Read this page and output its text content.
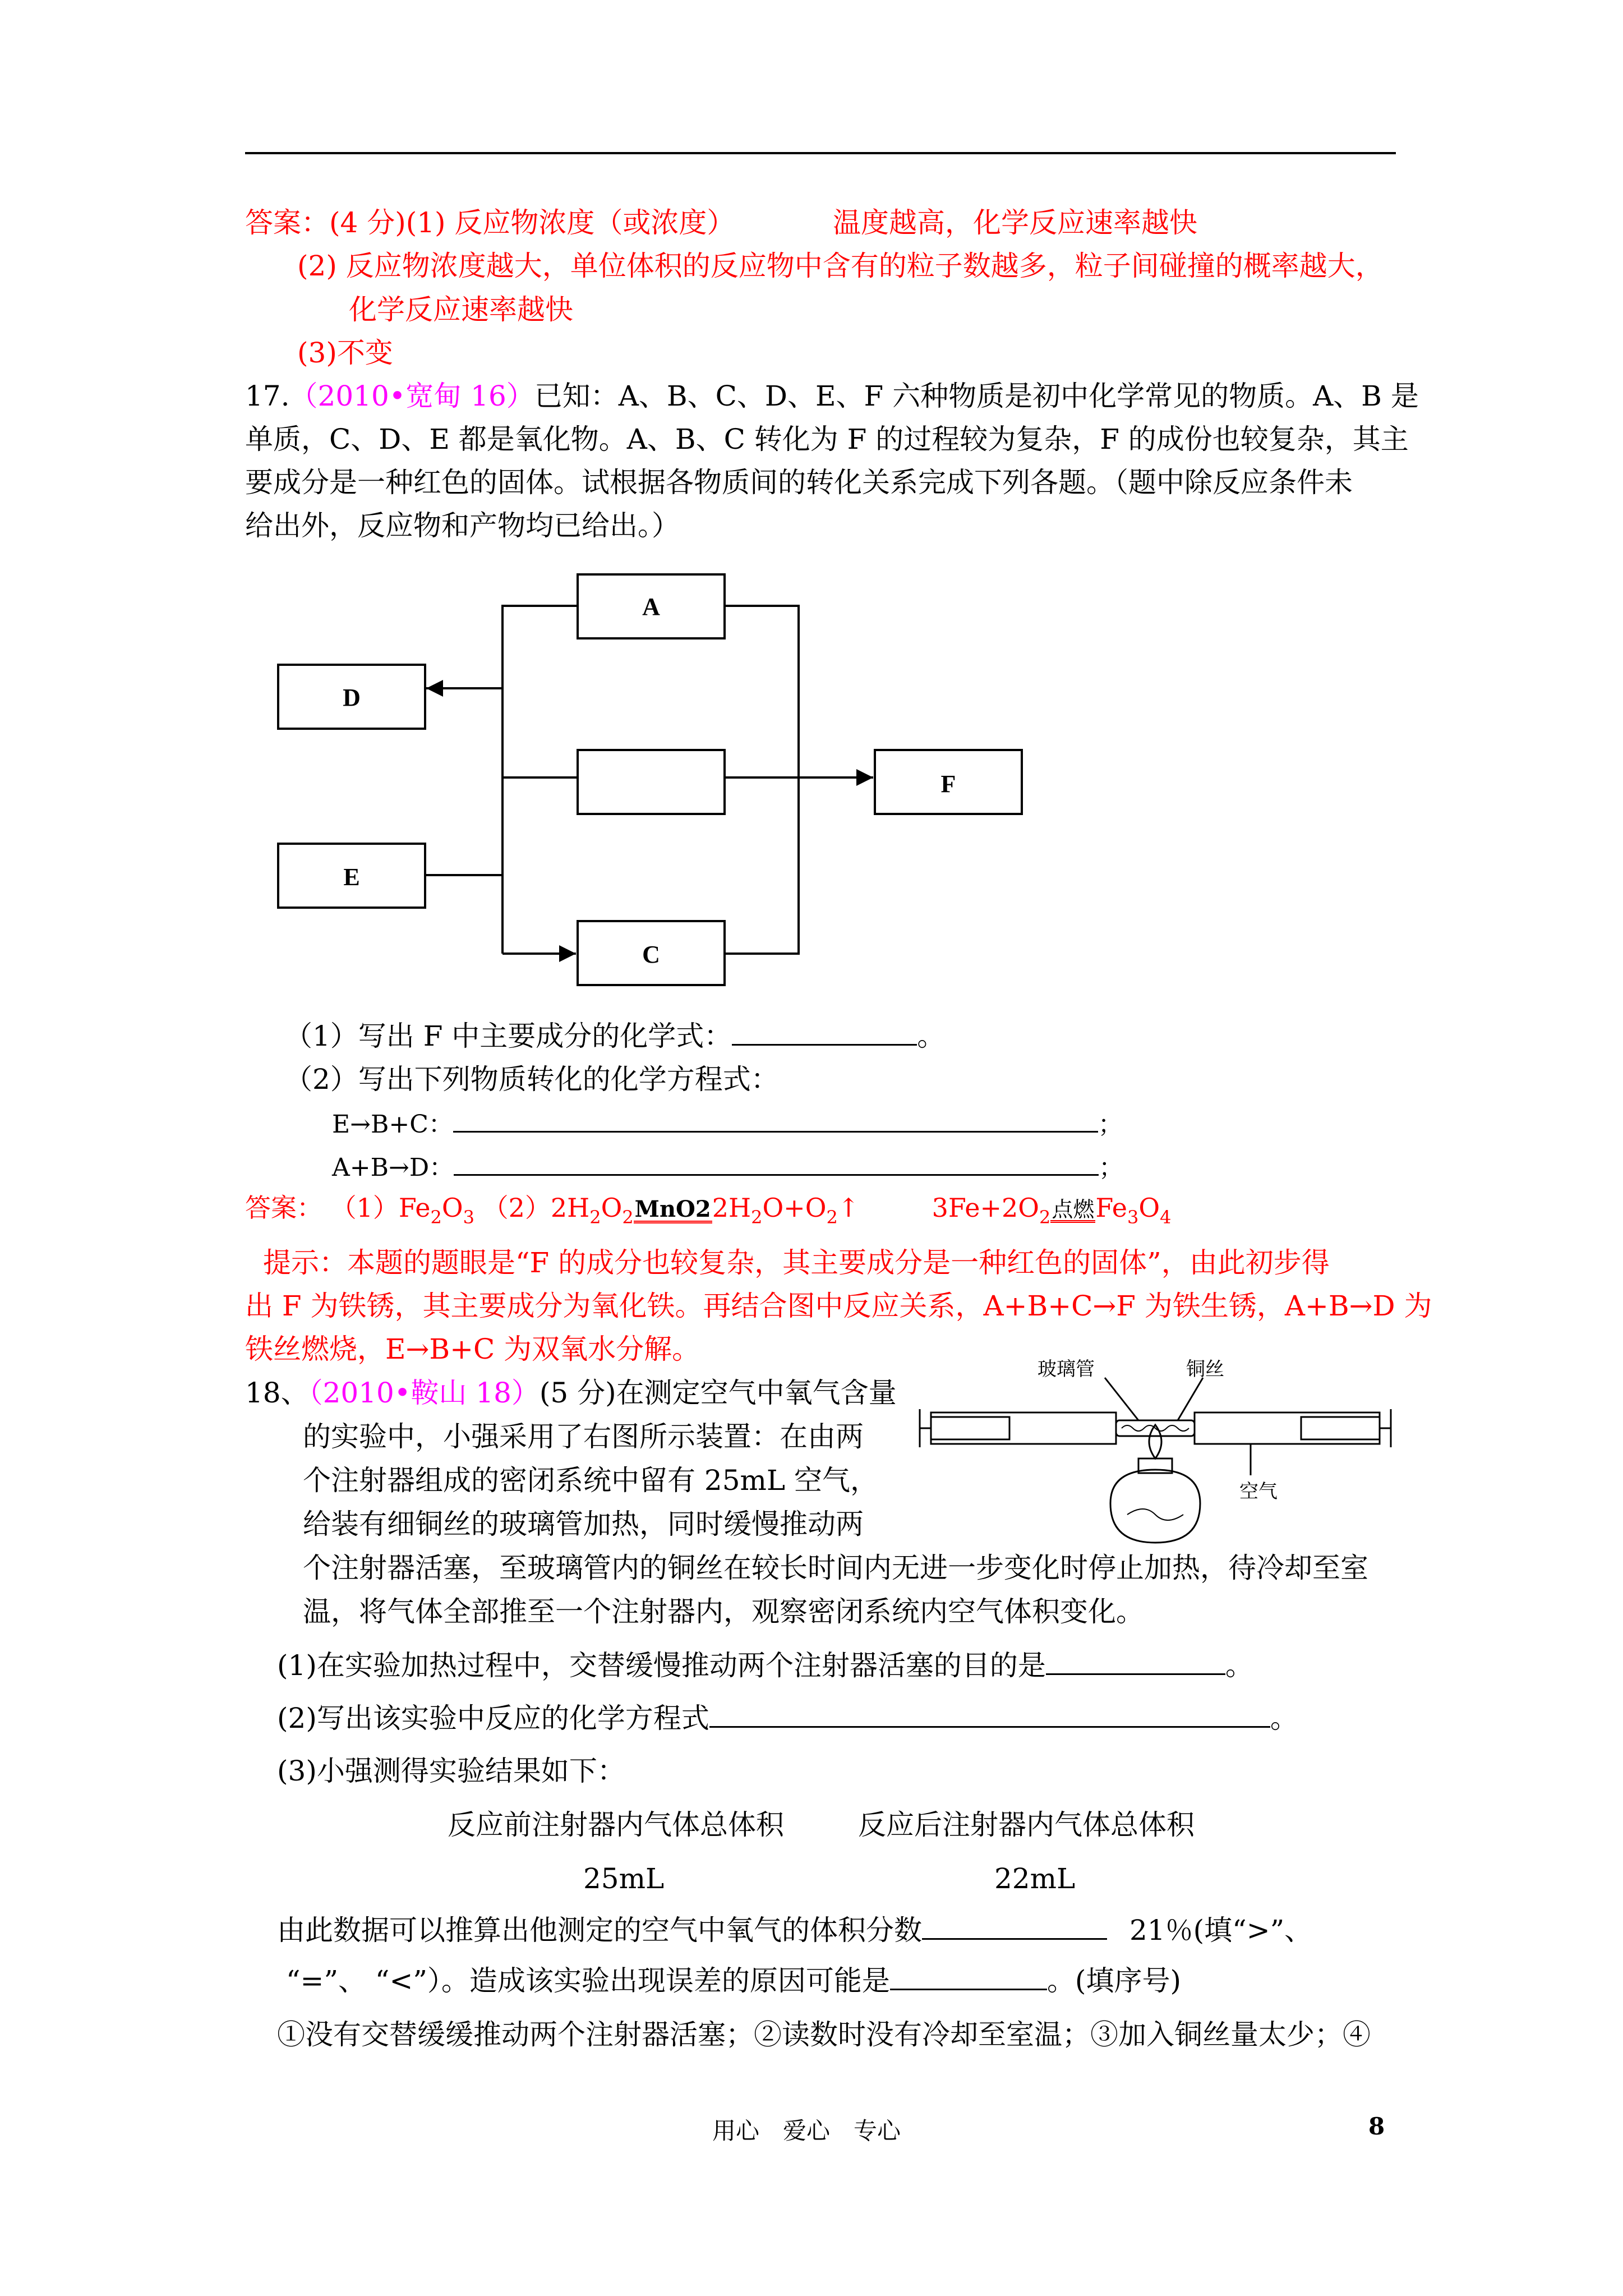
答案：(4 分)(1) 反应物浓度（或浓度）	温度越高，化学反应速率越快
(2) 反应物浓度越大，单位体积的反应物中含有的粒子数越多，粒子间碰撞的概率越大，
化学反应速率越快
(3)不变
17.（2010•宽甸 16）已知：A、B、C、D、E、F 六种物质是初中化学常见的物质。A、B 是
单质，C、D、E 都是氧化物。A、B、C 转化为 F 的过程较为复杂，F 的成份也较复杂，其主
要成分是一种红色的固体。试根据各物质间的转化关系完成下列各题。（题中除反应条件未
给出外，反应物和产物均已给出。）
A
D
F
E
C
（1）写出 F 中主要成分的化学式：	。
（2）写出下列物质转化的化学方程式：
E→B+C：	；
A+B→D：	；
答案： $(1)Fe_2O_3$ $(2)2H_2O_2MnO22H_2O+O_2↑$	$3Fe+2O_2$点燃$Fe_3O_4$
提示：本题的题眼是“F 的成分也较复杂，其主要成分是一种红色的固体”，由此初步得
出 F 为铁锈，其主要成分为氧化铁。再结合图中反应关系，A+B+C→F 为铁生锈，A+B→D 为
铁丝燃烧，E→B+C 为双氧水分解。
18、（2010•鞍山 18）(5 分)在测定空气中氧气含量
的实验中，小强采用了右图所示装置：在由两
个注射器组成的密闭系统中留有 25mL 空气，
给装有细铜丝的玻璃管加热，同时缓慢推动两
个注射器活塞，至玻璃管内的铜丝在较长时间内无进一步变化时停止加热，待冷却至室
温，将气体全部推至一个注射器内，观察密闭系统内空气体积变化。
玻璃管	铜丝
空气
(1)在实验加热过程中，交替缓慢推动两个注射器活塞的目的是	。
(2)写出该实验中反应的化学方程式	。
(3)小强测得实验结果如下：
反应前注射器内气体总体积	反应后注射器内气体总体积
25mL	22mL
由此数据可以推算出他测定的空气中氧气的体积分数	21％(填“>”、
“=”、 “<”）。造成该实验出现误差的原因可能是	。(填序号)
①没有交替缓缓推动两个注射器活塞；②读数时没有冷却至室温；③加入铜丝量太少；④
用心　爱心　专心	8
